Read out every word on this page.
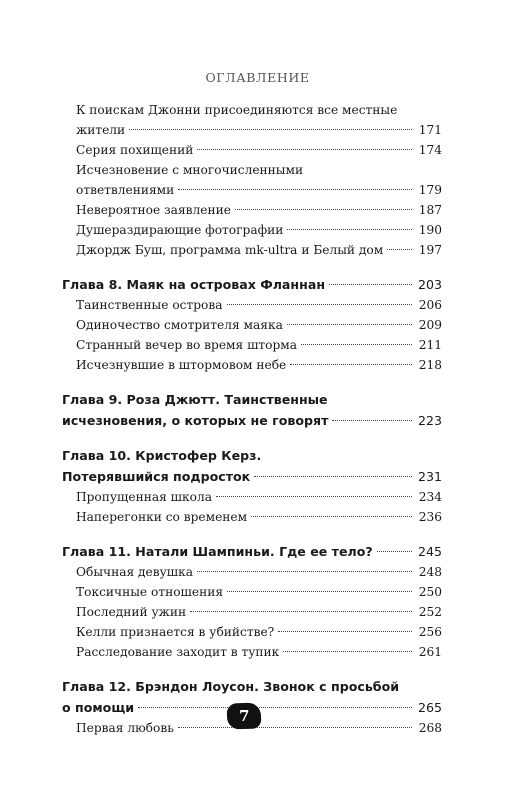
ОГЛАВЛЕНИЕ
К поискам Джонни присоединяются все местные
жители	171
Серия похищений	174
Исчезновение с многочисленными
ответвлениями	179
Невероятное заявление	187
Душераздирающие фотографии	190
Джордж Буш, программа mk-ultra и Белый дом	197
Глава 8. Маяк на островах Фланнан	203
Таинственные острова	206
Одиночество смотрителя маяка	209
Странный вечер во время шторма	211
Исчезнувшие в штормовом небе	218
Глава 9. Роза Джютт. Таинственные
исчезновения, о которых не говорят	223
Глава 10. Кристофер Керз.
Потерявшийся подросток	231
Пропущенная школа	234
Наперегонки со временем	236
Глава 11. Натали Шампиньи. Где ее тело?	245
Обычная девушка	248
Токсичные отношения	250
Последний ужин	252
Келли признается в убийстве?	256
Расследование заходит в тупик	261
Глава 12. Брэндон Лоусон. Звонок с просьбой
о помощи	265
Первая любовь	268
7
